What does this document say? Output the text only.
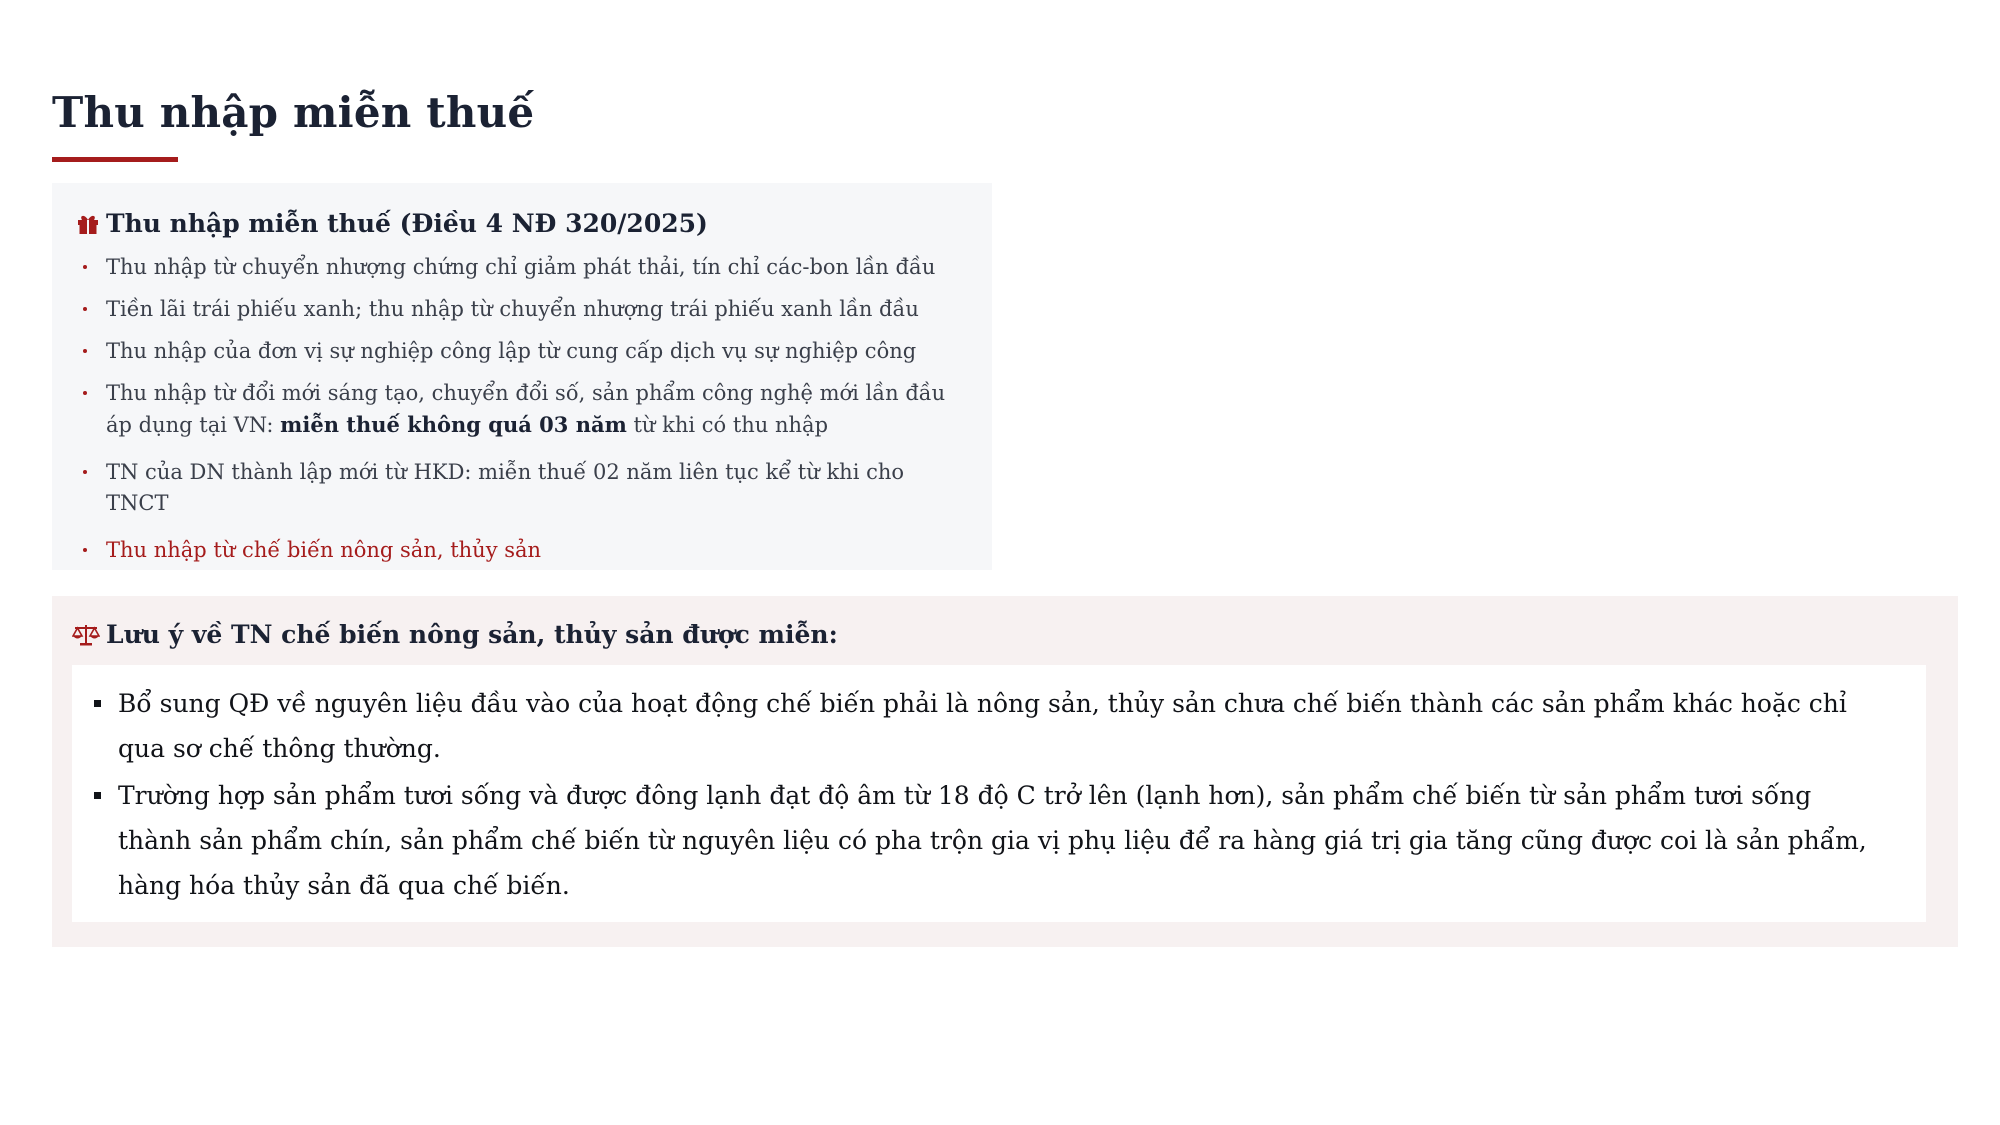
Thu nhập miễn thuế
Thu nhập miễn thuế (Điều 4 NĐ 320/2025)
Thu nhập từ chuyển nhượng chứng chỉ giảm phát thải, tín chỉ các-bon lần đầu
Tiền lãi trái phiếu xanh; thu nhập từ chuyển nhượng trái phiếu xanh lần đầu
Thu nhập của đơn vị sự nghiệp công lập từ cung cấp dịch vụ sự nghiệp công
Thu nhập từ đổi mới sáng tạo, chuyển đổi số, sản phẩm công nghệ mới lần đầu áp dụng tại VN: miễn thuế không quá 03 năm từ khi có thu nhập
TN của DN thành lập mới từ HKD: miễn thuế 02 năm liên tục kể từ khi cho TNCT
Thu nhập từ chế biến nông sản, thủy sản
Lưu ý về TN chế biến nông sản, thủy sản được miễn:
Bổ sung QĐ về nguyên liệu đầu vào của hoạt động chế biến phải là nông sản, thủy sản chưa chế biến thành các sản phẩm khác hoặc chỉ qua sơ chế thông thường.
Trường hợp sản phẩm tươi sống và được đông lạnh đạt độ âm từ 18 độ C trở lên (lạnh hơn), sản phẩm chế biến từ sản phẩm tươi sống thành sản phẩm chín, sản phẩm chế biến từ nguyên liệu có pha trộn gia vị phụ liệu để ra hàng giá trị gia tăng cũng được coi là sản phẩm, hàng hóa thủy sản đã qua chế biến.
